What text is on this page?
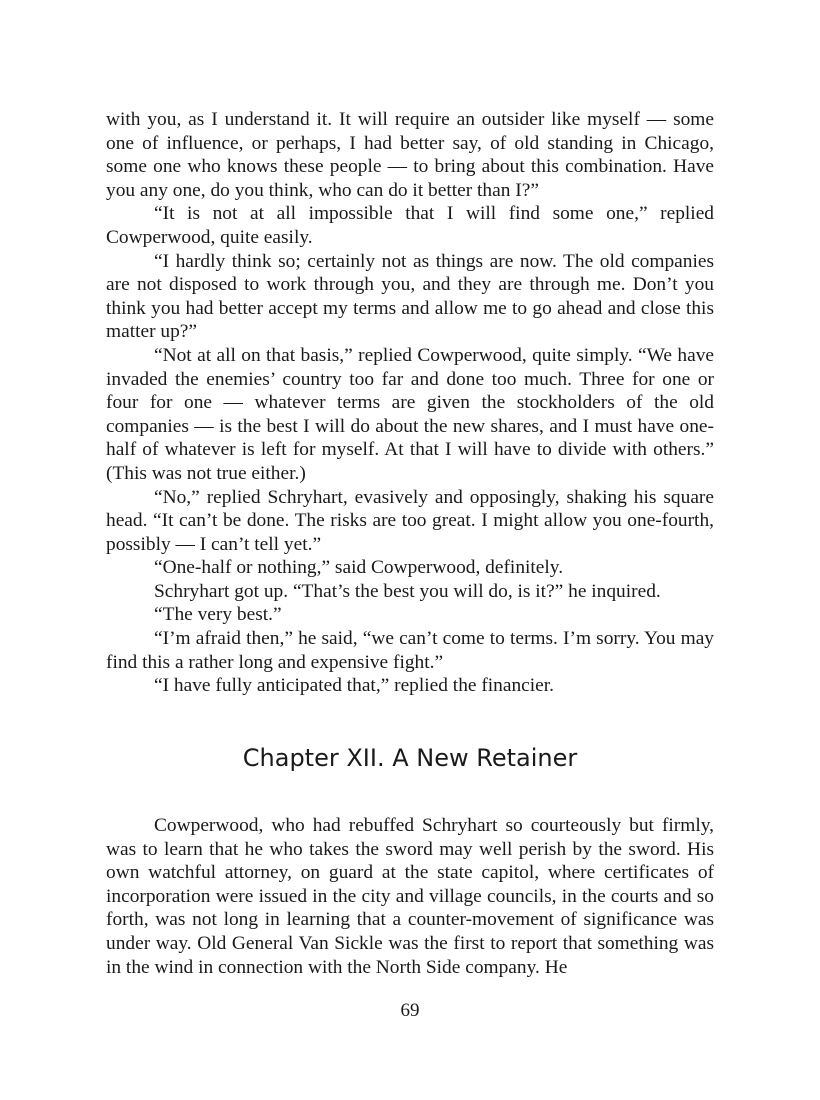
with you, as I understand it. It will require an outsider like myself — some one of influence, or perhaps, I had better say, of old standing in Chicago, some one who knows these people — to bring about this combination. Have you any one, do you think, who can do it better than I?”

“It is not at all impossible that I will find some one,” replied Cowperwood, quite easily.

“I hardly think so; certainly not as things are now. The old companies are not disposed to work through you, and they are through me. Don’t you think you had better accept my terms and allow me to go ahead and close this matter up?”

“Not at all on that basis,” replied Cowperwood, quite simply. “We have invaded the enemies’ country too far and done too much. Three for one or four for one — whatever terms are given the stockholders of the old companies — is the best I will do about the new shares, and I must have one-half of whatever is left for myself. At that I will have to divide with others.” (This was not true either.)

“No,” replied Schryhart, evasively and opposingly, shaking his square head. “It can’t be done. The risks are too great. I might allow you one-fourth, possibly — I can’t tell yet.”

“One-half or nothing,” said Cowperwood, definitely.

Schryhart got up. “That’s the best you will do, is it?” he inquired.

“The very best.”

“I’m afraid then,” he said, “we can’t come to terms. I’m sorry. You may find this a rather long and expensive fight.”

“I have fully anticipated that,” replied the financier.

Chapter XII. A New Retainer

Cowperwood, who had rebuffed Schryhart so courteously but firmly, was to learn that he who takes the sword may well perish by the sword. His own watchful attorney, on guard at the state capitol, where certificates of incorporation were issued in the city and village councils, in the courts and so forth, was not long in learning that a counter-movement of significance was under way. Old General Van Sickle was the first to report that something was in the wind in connection with the North Side company. He

69
